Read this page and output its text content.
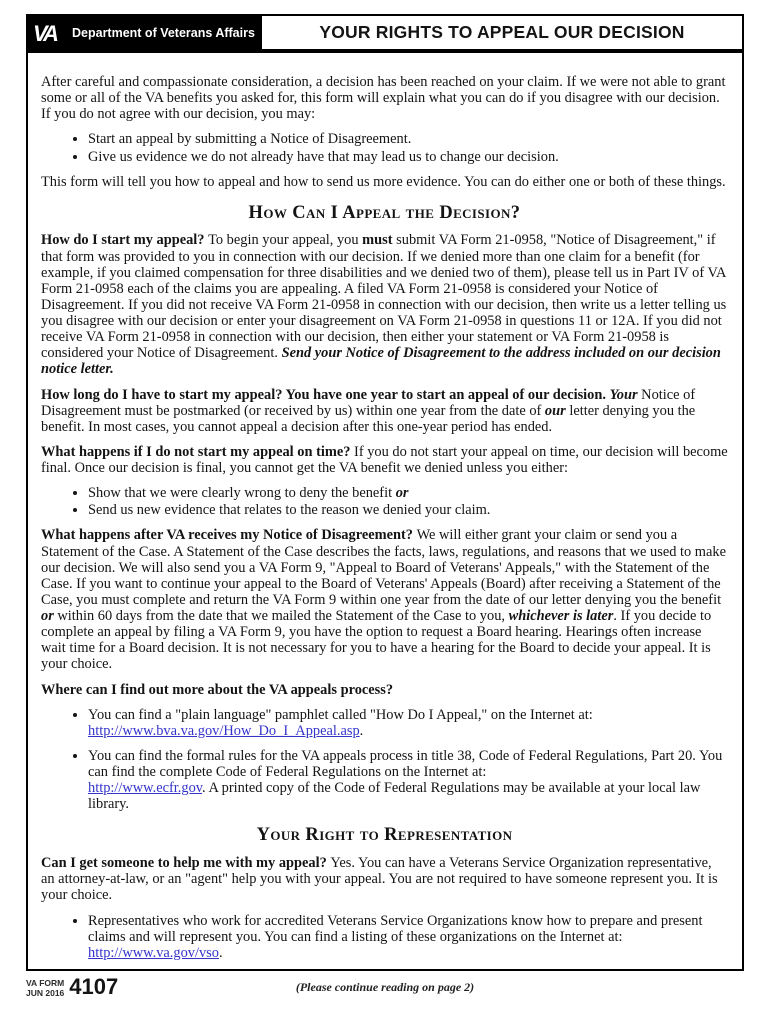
VA Department of Veterans Affairs	YOUR RIGHTS TO APPEAL OUR DECISION

After careful and compassionate consideration, a decision has been reached on your claim. If we were not able to grant some or all of the VA benefits you asked for, this form will explain what you can do if you disagree with our decision. If you do not agree with our decision, you may:

• Start an appeal by submitting a Notice of Disagreement.
• Give us evidence we do not already have that may lead us to change our decision.

This form will tell you how to appeal and how to send us more evidence. You can do either one or both of these things.

How Can I Appeal the Decision?

How do I start my appeal? To begin your appeal, you must submit VA Form 21-0958, "Notice of Disagreement," if that form was provided to you in connection with our decision. If we denied more than one claim for a benefit (for example, if you claimed compensation for three disabilities and we denied two of them), please tell us in Part IV of VA Form 21-0958 each of the claims you are appealing. A filed VA Form 21-0958 is considered your Notice of Disagreement. If you did not receive VA Form 21-0958 in connection with our decision, then write us a letter telling us you disagree with our decision or enter your disagreement on VA Form 21-0958 in questions 11 or 12A. If you did not receive VA Form 21-0958 in connection with our decision, then either your statement or VA Form 21-0958 is considered your Notice of Disagreement. Send your Notice of Disagreement to the address included on our decision notice letter.

How long do I have to start my appeal? You have one year to start an appeal of our decision. Your Notice of Disagreement must be postmarked (or received by us) within one year from the date of our letter denying you the benefit. In most cases, you cannot appeal a decision after this one-year period has ended.

What happens if I do not start my appeal on time? If you do not start your appeal on time, our decision will become final. Once our decision is final, you cannot get the VA benefit we denied unless you either:

• Show that we were clearly wrong to deny the benefit or
• Send us new evidence that relates to the reason we denied your claim.

What happens after VA receives my Notice of Disagreement? We will either grant your claim or send you a Statement of the Case. A Statement of the Case describes the facts, laws, regulations, and reasons that we used to make our decision. We will also send you a VA Form 9, "Appeal to Board of Veterans' Appeals," with the Statement of the Case. If you want to continue your appeal to the Board of Veterans' Appeals (Board) after receiving a Statement of the Case, you must complete and return the VA Form 9 within one year from the date of our letter denying you the benefit or within 60 days from the date that we mailed the Statement of the Case to you, whichever is later. If you decide to complete an appeal by filing a VA Form 9, you have the option to request a Board hearing. Hearings often increase wait time for a Board decision. It is not necessary for you to have a hearing for the Board to decide your appeal. It is your choice.

Where can I find out more about the VA appeals process?

• You can find a "plain language" pamphlet called "How Do I Appeal," on the Internet at:
http://www.bva.va.gov/How_Do_I_Appeal.asp.
• You can find the formal rules for the VA appeals process in title 38, Code of Federal Regulations, Part 20. You can find the complete Code of Federal Regulations on the Internet at:
http://www.ecfr.gov. A printed copy of the Code of Federal Regulations may be available at your local law library.
Your Right to Representation

Can I get someone to help me with my appeal? Yes. You can have a Veterans Service Organization representative, an attorney-at-law, or an "agent" help you with your appeal. You are not required to have someone represent you. It is your choice.

• Representatives who work for accredited Veterans Service Organizations know how to prepare and present claims and will represent you. You can find a listing of these organizations on the Internet at:
http://www.va.gov/vso.
VA FORM
JUN 2016 4107	(Please continue reading on page 2)
